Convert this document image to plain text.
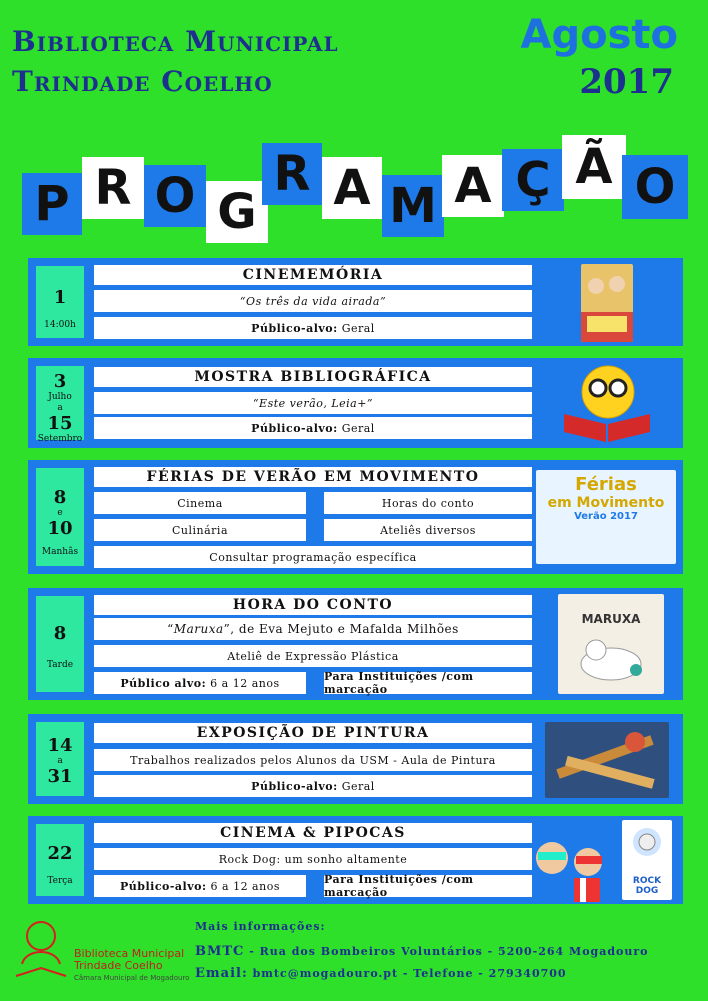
Biblioteca Municipal
Trindade Coelho
Agosto
2017
P R O G
R A M A Ç Ã O
1
14:00h
CINEMEMÓRIA
“Os três da vida airada”
Público-alvo:
Geral
3
Julho
a
15
Setembro
MOSTRA BIBLIOGRÁFICA
“Este verão, Leia+”
Público-alvo:
Geral
8
e
10
Manhãs
FÉRIAS DE VERÃO EM MOVIMENTO
Cinema	Horas do conto
Culinária	Ateliês diversos
Consultar programação específica
Férias
em Movimento
Verão 2017
8
Tarde
HORA DO CONTO
“ Maruxa ” , de Eva Mejuto e Mafalda Milhões
Ateliê de Expressão Plástica
Público alvo:
6 a 12 anos	Para Instituições /com marcação
MARUXA
14
a
31
EXPOSIÇÃO DE PINTURA
Trabalhos realizados pelos Alunos da USM - Aula de Pintura
Público-alvo:
Geral
22
Terça
CINEMA & PIPOCAS
Rock Dog: um sonho altamente
Público-alvo:
6 a 12 anos	Para Instituições /com marcação
ROCK DOG
Biblioteca Municipal
Trindade Coelho
Câmara Municipal de Mogadouro
Mais informações:
BMTC - Rua dos Bombeiros Voluntários - 5200-264 Mogadouro
Email: bmtc@mogadouro.pt - Telefone - 279340700
